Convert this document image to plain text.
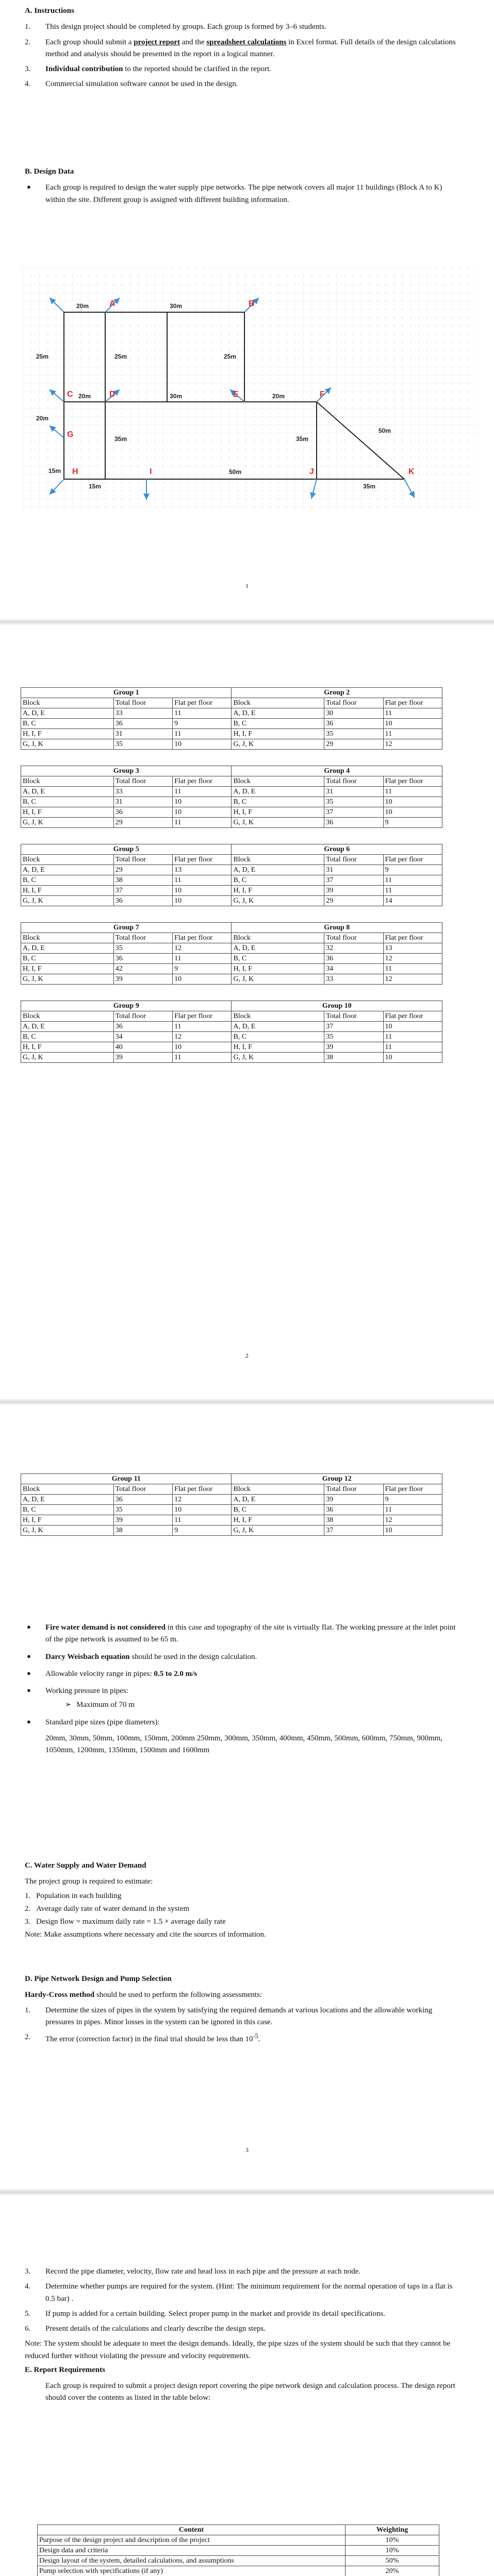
A. Instructions
1.	This design project should be completed by groups. Each group is formed by 3–6 students.
2.	Each group should submit a project report and the spreadsheet calculations in Excel format. Full details of the design calculations method and analysis should be presented in the report in a logical manner.
3.	Individual contribution to the reported should be clarified in the report.
4.	Commercial simulation software cannot be used in the design.
B. Design Data
● Each group is required to design the water supply pipe networks. The pipe network covers all major 11 buildings (Block A to K) within the site. Different group is assigned with different building information.
A	B
C	D	E	F
G
H	I	J	K
20m	30m
25m	25m	25m
20m	30m	20m
20m
35m	35m
50m
15m
15m
50m
35m
1
Group 1			Group 2		
Block	Total floor	Flat per floor	Block	Total floor	Flat per floor
A, D, E	33	11	A, D, E	30	11
B, C	36	9	B, C	36	10
H, I, F	31	11	H, I, F	35	11
G, J, K	35	10	G, J, K	29	12
Group 3			Group 4		
Block	Total floor	Flat per floor	Block	Total floor	Flat per floor
A, D, E	33	11	A, D, E	31	11
B, C	31	10	B, C	35	10
H, I, F	36	10	H, I, F	37	10
G, J, K	29	11	G, J, K	36	9
Group 5			Group 6		
Block	Total floor	Flat per floor	Block	Total floor	Flat per floor
A, D, E	29	13	A, D, E	31	9
B, C	38	11	B, C	37	11
H, I, F	37	10	H, I, F	39	11
G, J, K	36	10	G, J, K	29	14
Group 7			Group 8		
Block	Total floor	Flat per floor	Block	Total floor	Flat per floor
A, D, E	35	12	A, D, E	32	13
B, C	36	11	B, C	36	12
H, I, F	42	9	H, I, F	34	11
G, J, K	39	10	G, J, K	33	12
Group 9			Group 10		
Block	Total floor	Flat per floor	Block	Total floor	Flat per floor
A, D, E	36	11	A, D, E	37	10
B, C	34	12	B, C	35	11
H, I, F	40	10	H, I, F	39	11
G, J, K	39	11	G, J, K	38	10
2
Group 11			Group 12		
Block	Total floor	Flat per floor	Block	Total floor	Flat per floor
A, D, E	36	12	A, D, E	39	9
B, C	35	10	B, C	36	11
H, I, F	39	11	H, I, F	38	12
G, J, K	38	9	G, J, K	37	10
● Fire water demand is not considered in this case and topography of the site is virtually flat. The working pressure at the inlet point of the pipe network is assumed to be 65 m.
● Darcy Weisbach equation should be used in the design calculation.
● Allowable velocity range in pipes: 0.5 to 2.0 m/s
● Working pressure in pipes:
➢ Maximum of 70 m
● Standard pipe sizes (pipe diameters):
20mm, 30mm, 50mm, 100mm, 150mm, 200mm 250mm, 300mm, 350mm, 400mm, 450mm, 500mm, 600mm, 750mm, 900mm, 1050mm, 1200mm, 1350mm, 1500mm and 1600mm
C. Water Supply and Water Demand
The project group is required to estimate:
1. Population in each building
2. Average daily rate of water demand in the system
3. Design flow = maximum daily rate = 1.5 × average daily rate
Note: Make assumptions where necessary and cite the sources of information.
D. Pipe Network Design and Pump Selection
Hardy-Cross method should be used to perform the following assessments:
1.	Determine the sizes of pipes in the system by satisfying the required demands at various locations and the allowable working pressures in pipes. Minor losses in the system can be ignored in this case.
2.	The error (correction factor) in the final trial should be less than $10^{-5}$.
3
3.	Record the pipe diameter, velocity, flow rate and head loss in each pipe and the pressure at each node.
4.	Determine whether pumps are required for the system. (Hint: The minimum requirement for the normal operation of taps in a flat is 0.5 bar) .
5.	If pump is added for a certain building. Select proper pump in the market and provide its detail specifications.
6.	Present details of the calculations and clearly describe the design steps.
Note: The system should be adequate to meet the design demands. Ideally, the pipe sizes of the system should be such that they cannot be reduced further without violating the pressure and velocity requirements.
E. Report Requirements
Each group is required to submit a project design report covering the pipe network design and calculation process. The design report should cover the contents as listed in the table below:
Content	Weighting
Purpose of the design project and description of the project	10%
Design data and criteria	10%
Design layout of the system, detailed calculations, and assumptions	50%
Pump selection with specifications (if any)	20%
